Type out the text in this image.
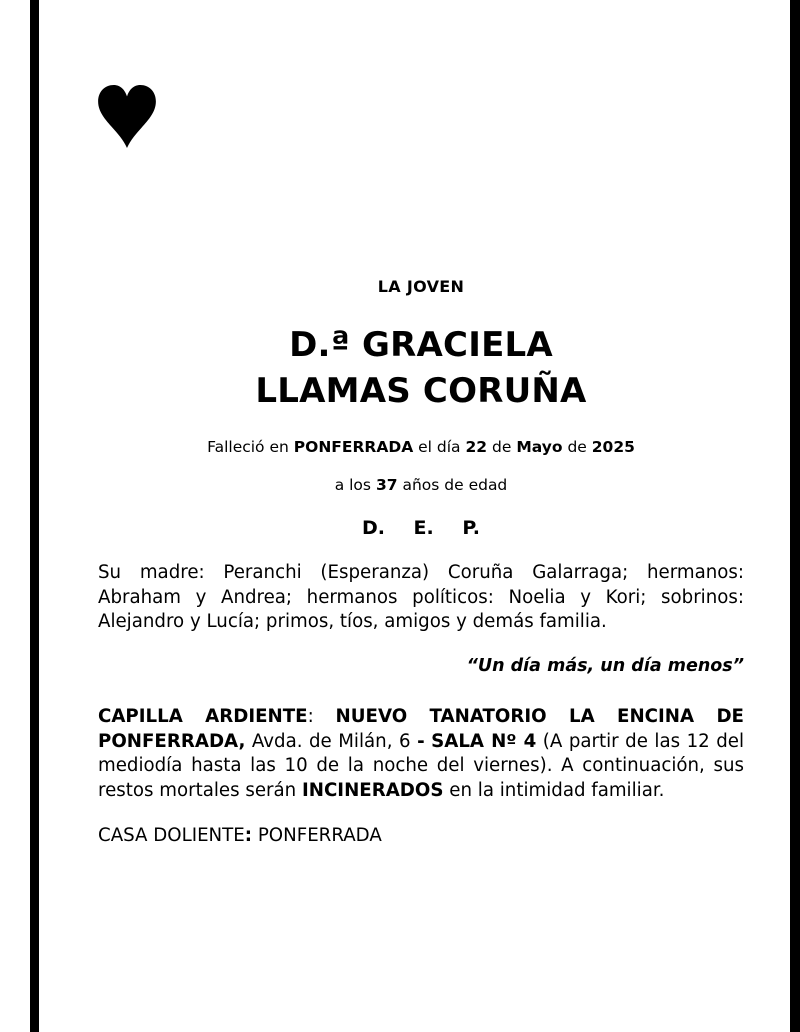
LA JOVEN
D.ª GRACIELA
LLAMAS CORUÑA
Falleció en PONFERRADA el día 22 de Mayo de 2025
a los 37 años de edad
D. E. P.
Su madre: Peranchi (Esperanza) Coruña Galarraga; hermanos: Abraham y Andrea; hermanos políticos: Noelia y Kori; sobrinos: Alejandro y Lucía; primos, tíos, amigos y demás familia.
“Un día más, un día menos”
CAPILLA ARDIENTE: NUEVO TANATORIO LA ENCINA DE PONFERRADA, Avda. de Milán, 6 - SALA Nº 4 (A partir de las 12 del mediodía hasta las 10 de la noche del viernes). A continuación, sus restos mortales serán INCINERADOS en la intimidad familiar.
CASA DOLIENTE: PONFERRADA
